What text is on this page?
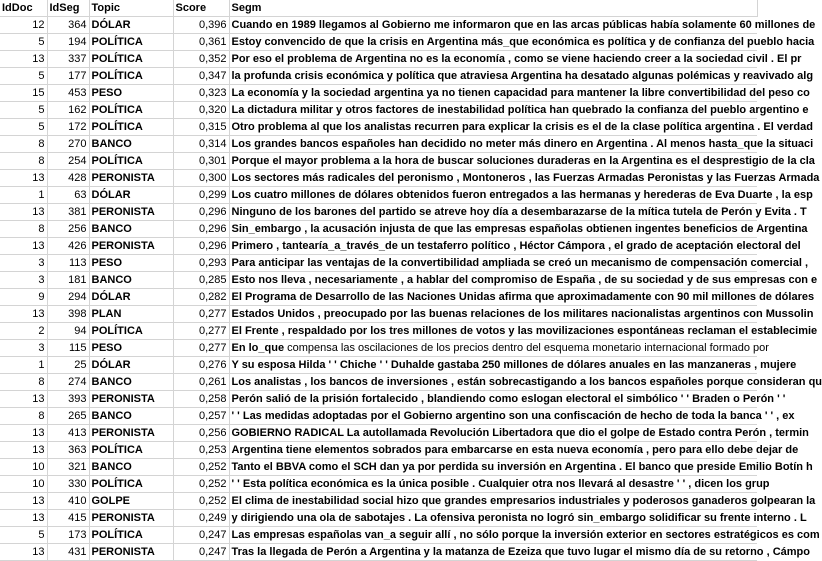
IdDoc	IdSeg	Topic	Score	Segm
12	364	DÓLAR	0,396	Cuando en 1989 llegamos al Gobierno me informaron que en las arcas públicas había solamente 60 millones de
5	194	POLÍTICA	0,361	Estoy convencido de que la crisis en Argentina más_que económica es política y de confianza del pueblo hacia
13	337	POLÍTICA	0,352	Por eso el problema de Argentina no es la economía , como se viene haciendo creer a la sociedad civil . El pr
5	177	POLÍTICA	0,347	la profunda crisis económica y política que atraviesa Argentina ha desatado algunas polémicas y reavivado alg
15	453	PESO	0,323	La economía y la sociedad argentina ya no tienen capacidad para mantener la libre convertibilidad del peso co
5	162	POLÍTICA	0,320	La dictadura militar y otros factores de inestabilidad política han quebrado la confianza del pueblo argentino e
5	172	POLÍTICA	0,315	Otro problema al que los analistas recurren para explicar la crisis es el de la clase política argentina . El verdad
8	270	BANCO	0,314	Los grandes bancos españoles han decidido no meter más dinero en Argentina . Al menos hasta_que la situaci
8	254	POLÍTICA	0,301	Porque el mayor problema a la hora de buscar soluciones duraderas en la Argentina es el desprestigio de la cla
13	428	PERONISTA	0,300	Los sectores más radicales del peronismo , Montoneros , las Fuerzas Armadas Peronistas y las Fuerzas Armada
1	63	DÓLAR	0,299	Los cuatro millones de dólares obtenidos fueron entregados a las hermanas y herederas de Eva Duarte , la esp
13	381	PERONISTA	0,296	Ninguno de los barones del partido se atreve hoy día a desembarazarse de la mítica tutela de Perón y Evita . T
8	256	BANCO	0,296	Sin_embargo , la acusación injusta de que las empresas españolas obtienen ingentes beneficios de Argentina
13	426	PERONISTA	0,296	Primero , tantearía_a_través_de un testaferro político , Héctor Cámpora , el grado de aceptación electoral del
3	113	PESO	0,293	Para anticipar las ventajas de la convertibilidad ampliada se creó un mecanismo de compensación comercial ,
3	181	BANCO	0,285	Esto nos lleva , necesariamente , a hablar del compromiso de España , de su sociedad y de sus empresas con e
9	294	DÓLAR	0,282	El Programa de Desarrollo de las Naciones Unidas afirma que aproximadamente con 90 mil millones de dólares
13	398	PLAN	0,277	Estados Unidos , preocupado por las buenas relaciones de los militares nacionalistas argentinos con Mussolin
2	94	POLÍTICA	0,277	El Frente , respaldado por los tres millones de votos y las movilizaciones espontáneas reclaman el establecimie
3	115	PESO	0,277	En lo_que compensa las oscilaciones de los precios dentro del esquema monetario internacional formado por
1	25	DÓLAR	0,276	Y su esposa Hilda ' ' Chiche ' ' Duhalde gastaba 250 millones de dólares anuales en las manzaneras , mujere
8	274	BANCO	0,261	Los analistas , los bancos de inversiones , están sobrecastigando a los bancos españoles porque consideran qu
13	393	PERONISTA	0,258	Perón salió de la prisión fortalecido , blandiendo como eslogan electoral el simbólico ' ' Braden o Perón ' '
8	265	BANCO	0,257	' ' Las medidas adoptadas por el Gobierno argentino son una confiscación de hecho de toda la banca ' ' , ex
13	413	PERONISTA	0,256	GOBIERNO RADICAL La autollamada Revolución Libertadora que dio el golpe de Estado contra Perón , termin
13	363	POLÍTICA	0,253	Argentina tiene elementos sobrados para embarcarse en esta nueva economía , pero para ello debe dejar de
10	321	BANCO	0,252	Tanto el BBVA como el SCH dan ya por perdida su inversión en Argentina . El banco que preside Emilio Botín h
10	330	POLÍTICA	0,252	' ' Esta política económica es la única posible . Cualquier otra nos llevará al desastre ' ' , dicen los grup
13	410	GOLPE	0,252	El clima de inestabilidad social hizo que grandes empresarios industriales y poderosos ganaderos golpearan la
13	415	PERONISTA	0,249	y dirigiendo una ola de sabotajes . La ofensiva peronista no logró sin_embargo solidificar su frente interno . L
5	173	POLÍTICA	0,247	Las empresas españolas van_a seguir allí , no sólo porque la inversión exterior en sectores estratégicos es com
13	431	PERONISTA	0,247	Tras la llegada de Perón a Argentina y la matanza de Ezeiza que tuvo lugar el mismo día de su retorno , Cámpo
